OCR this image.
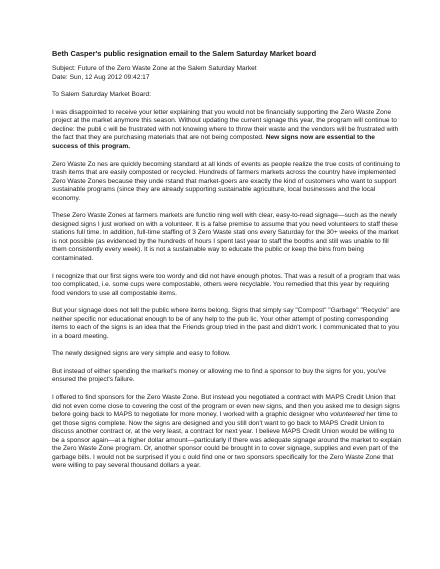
Beth Casper's public resignation email to the Salem Saturday Market board

Subject: Future of the Zero Waste Zone at the Salem Saturday Market

Date: Sun, 12 Aug 2012 09:42:17

To Salem Saturday Market Board:

I was disappointed to receive your letter explaining that you would not be financially supporting the Zero Waste Zone project at the market anymore this season. Without updating the current signage this year, the program will continue to decline: the publi c will be frustrated with not knowing where to throw their waste and the vendors will be frustrated with the fact that they are purchasing materials that are not being composted. New signs now are essential to the success of this program.

Zero Waste Zo nes are quickly becoming standard at all kinds of events as people realize the true costs of continuing to trash items that are easily composted or recycled. Hundreds of farmers markets across the country have implemented Zero Waste Zones because they unde rstand that market-goers are exactly the kind of customers who want to support sustainable programs (since they are already supporting sustainable agriculture, local businesses and the local economy.

These Zero Waste Zones at farmers markets are functio ning well with clear, easy-to-read signage—such as the newly designed signs I just worked on with a volunteer. It is a false premise to assume that you need volunteers to staff these stations full time. In addition, full-time staffing of 3 Zero Waste stati ons every Saturday for the 30+ weeks of the market is not possible (as evidenced by the hundreds of hours I spent last year to staff the booths and still was unable to fill them consistently every week). It is not a sustainable way to educate the public or keep the bins from being contaminated.

I recognize that our first signs were too wordy and did not have enough photos. That was a result of a program that was too complicated, i.e. some cups were compostable, others were recyclable. You remedied that this year by requiring food vendors to use all compostable items.

But your signage does not tell the public where items belong. Signs that simply say "Compost" "Garbage" "Recycle" are neither specific nor educational enough to be of any help to the pub lic. Your other attempt of posting corresponding items to each of the signs is an idea that the Friends group tried in the past and didn't work. I communicated that to you in a board meeting.

The newly designed signs are very simple and easy to follow.

But instead of either spending the market's money or allowing me to find a sponsor to buy the signs for you, you've ensured the project's failure.

I offered to find sponsors for the Zero Waste Zone. But instead you negotiated a contract with MAPS Credit Union that did not even come close to covering the cost of the program or even new signs, and then you asked me to design signs before going back to MAPS to negotiate for more money. I worked with a graphic designer who volunteered her time to get those signs complete. Now the signs are designed and you still don't want to go back to MAPS Credit Union to discuss another contract or, at the very least, a contract for next year. I believe MAPS Credit Union would be willing to be a sponsor again—at a higher dollar amount—particularly if there was adequate signage around the market to explain the Zero Waste Zone program. Or, another sponsor could be brought in to cover signage, supplies and even part of the garbage bills. I would not be surprised if you c ould find one or two sponsors specifically for the Zero Waste Zone that were willing to pay several thousand dollars a year.
